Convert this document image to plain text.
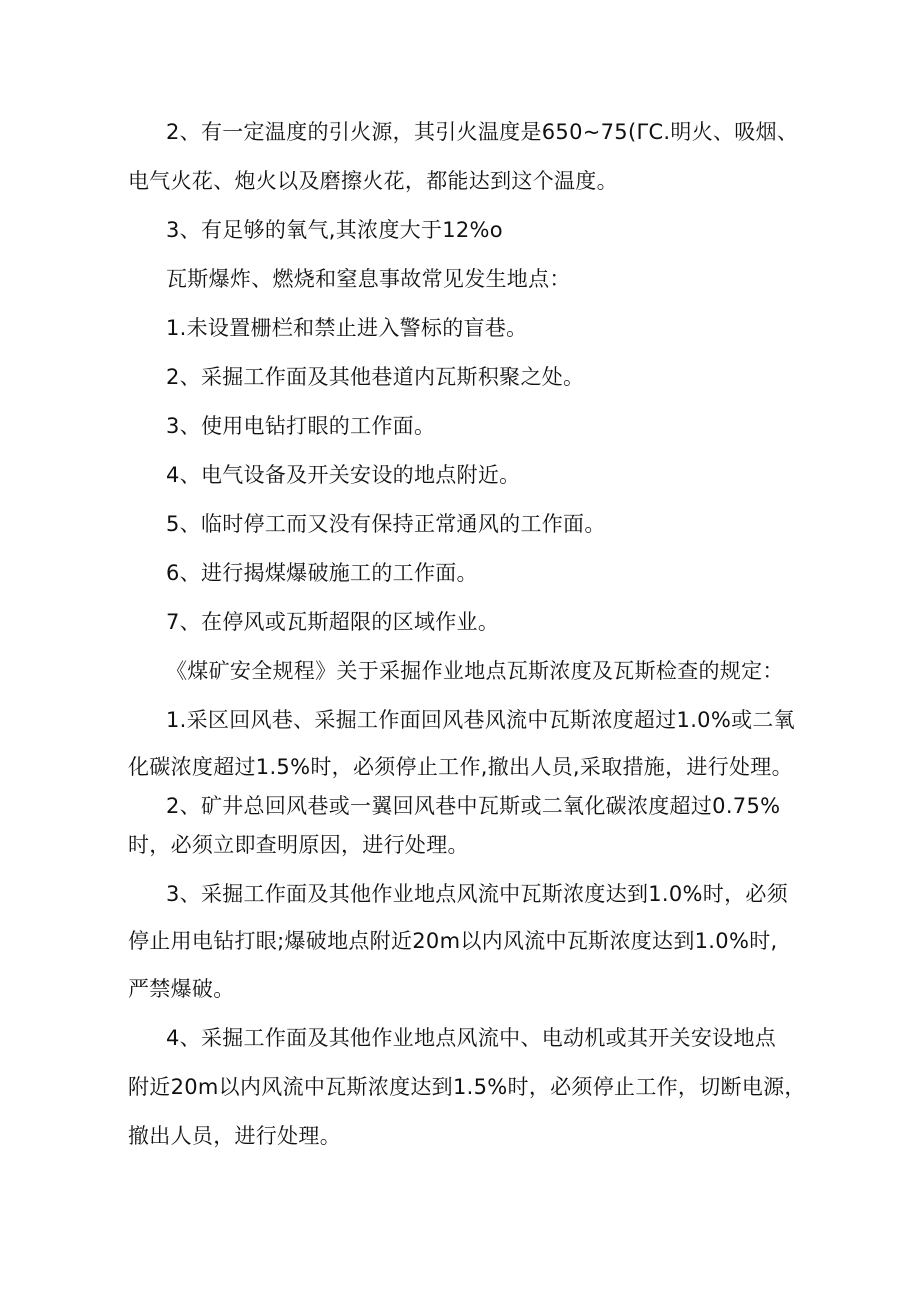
2、有一定温度的引火源，其引火温度是650~75(ΓC.明火、吸烟、
电气火花、炮火以及磨擦火花，都能达到这个温度。
3、有足够的氧气,其浓度大于12%o
瓦斯爆炸、燃烧和窒息事故常见发生地点：
1.未设置栅栏和禁止进入警标的盲巷。
2、采掘工作面及其他巷道内瓦斯积聚之处。
3、使用电钻打眼的工作面。
4、电气设备及开关安设的地点附近。
5、临时停工而又没有保持正常通风的工作面。
6、进行揭煤爆破施工的工作面。
7、在停风或瓦斯超限的区域作业。
《煤矿安全规程》关于采掘作业地点瓦斯浓度及瓦斯检查的规定：
1.采区回风巷、采掘工作面回风巷风流中瓦斯浓度超过1.0%或二氧
化碳浓度超过1.5%时，必须停止工作,撤出人员,采取措施，进行处理。
2、矿井总回风巷或一翼回风巷中瓦斯或二氧化碳浓度超过0.75%
时，必须立即查明原因，进行处理。
3、采掘工作面及其他作业地点风流中瓦斯浓度达到1.0%时，必须
停止用电钻打眼;爆破地点附近20m以内风流中瓦斯浓度达到1.0%时,
严禁爆破。
4、采掘工作面及其他作业地点风流中、电动机或其开关安设地点
附近20m以内风流中瓦斯浓度达到1.5%时，必须停止工作，切断电源，
撤出人员，进行处理。
